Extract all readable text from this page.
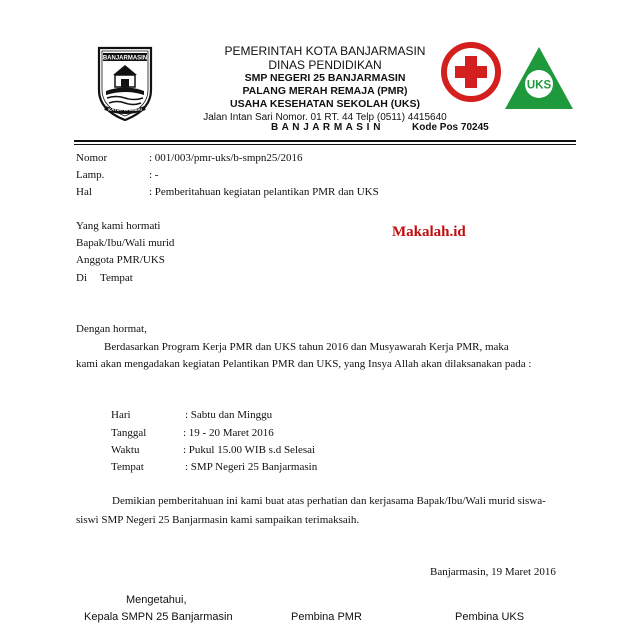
BANJARMASIN
KAYUH BAIMBAI
PEMERINTAH KOTA BANJARMASIN
DINAS PENDIDIKAN
SMP NEGERI 25 BANJARMASIN
PALANG MERAH REMAJA (PMR)
USAHA KESEHATAN SEKOLAH (UKS)
Jalan Intan Sari Nomor. 01 RT. 44 Telp (0511) 4415640
B A N J A R M A S I N	Kode Pos 70245
UKS
Nomor	: 001/003/pmr-uks/b-smpn25/2016
Lamp.	: -
Hal	: Pemberitahuan kegiatan pelantikan PMR dan UKS
Yang kami hormati
Bapak/Ibu/Wali murid
Anggota PMR/UKS
Di Tempat
Makalah.id
Dengan hormat,
Berdasarkan Program Kerja PMR dan UKS tahun 2016 dan Musyawarah Kerja PMR, maka
kami akan mengadakan kegiatan Pelantikan PMR dan UKS, yang Insya Allah akan dilaksanakan pada :
Hari	: Sabtu dan Minggu
Tanggal	: 19 - 20 Maret 2016
Waktu	: Pukul 15.00 WIB s.d Selesai
Tempat	: SMP Negeri 25 Banjarmasin
Demikian pemberitahuan ini kami buat atas perhatian dan kerjasama Bapak/Ibu/Wali murid siswa-
siswi SMP Negeri 25 Banjarmasin kami sampaikan terimaksaih.
Banjarmasin, 19 Maret 2016
Mengetahui,
Kepala SMPN 25 Banjarmasin	Pembina PMR	Pembina UKS
